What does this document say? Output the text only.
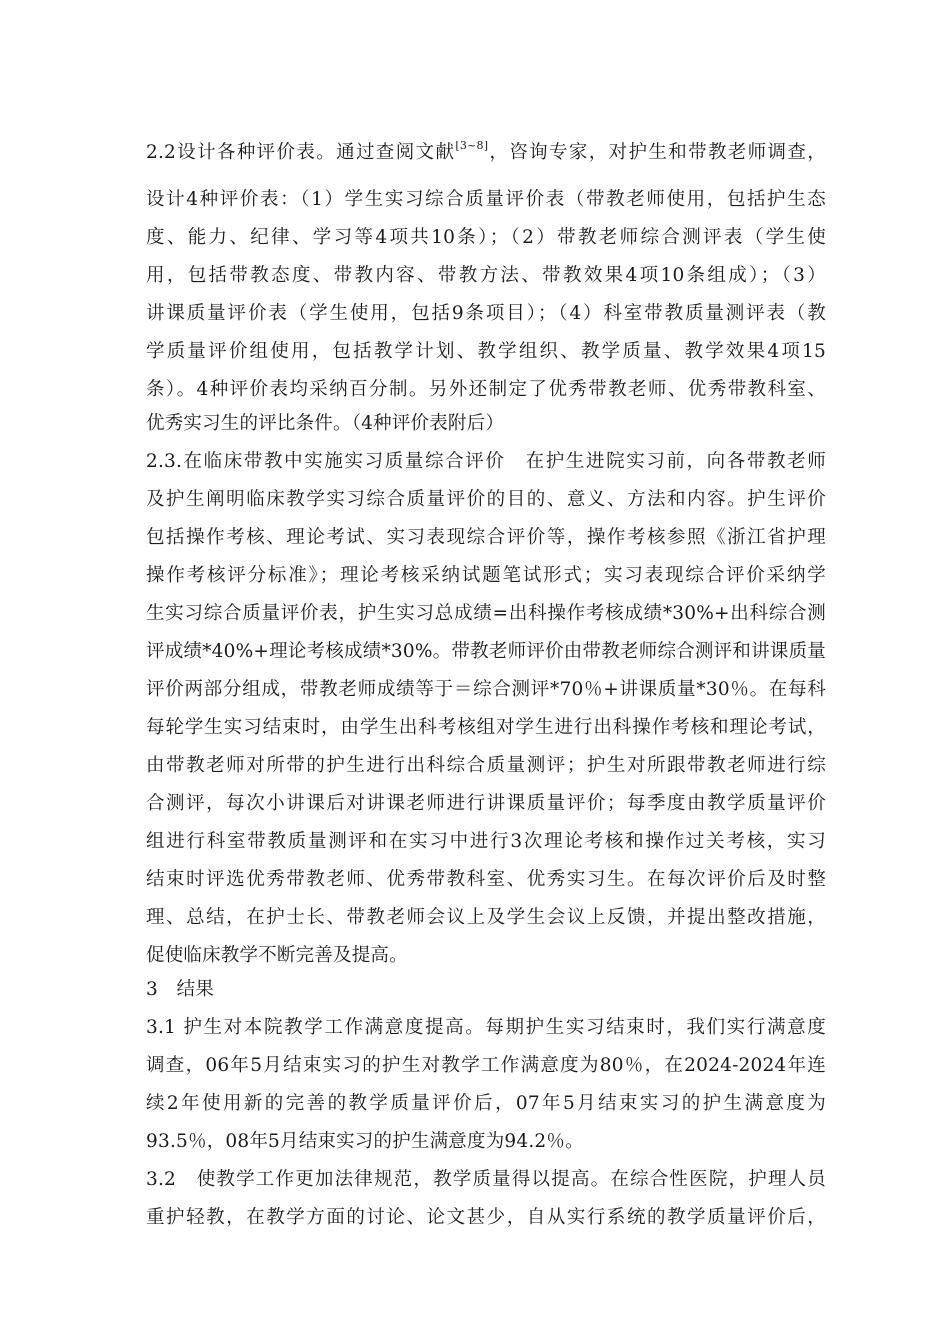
2.2设计各种评价表。通过查阅文献[3~8]，咨询专家，对护生和带教老师调查，
设计4种评价表：（1）学生实习综合质量评价表（带教老师使用，包括护生态
度、能力、纪律、学习等4项共10条）；（2）带教老师综合测评表（学生使
用，包括带教态度、带教内容、带教方法、带教效果4项10条组成）；（3）
讲课质量评价表（学生使用，包括9条项目）；（4）科室带教质量测评表（教
学质量评价组使用，包括教学计划、教学组织、教学质量、教学效果4项15
条）。4种评价表均采纳百分制。另外还制定了优秀带教老师、优秀带教科室、
优秀实习生的评比条件。（4种评价表附后）
2.3.在临床带教中实施实习质量综合评价　在护生进院实习前，向各带教老师
及护生阐明临床教学实习综合质量评价的目的、意义、方法和内容。护生评价
包括操作考核、理论考试、实习表现综合评价等，操作考核参照《浙江省护理
操作考核评分标准》；理论考核采纳试题笔试形式；实习表现综合评价采纳学
生实习综合质量评价表，护生实习总成绩=出科操作考核成绩*30%+出科综合测
评成绩*40%+理论考核成绩*30%。带教老师评价由带教老师综合测评和讲课质量
评价两部分组成，带教老师成绩等于＝综合测评*70％+讲课质量*30％。在每科
每轮学生实习结束时，由学生出科考核组对学生进行出科操作考核和理论考试，
由带教老师对所带的护生进行出科综合质量测评；护生对所跟带教老师进行综
合测评，每次小讲课后对讲课老师进行讲课质量评价；每季度由教学质量评价
组进行科室带教质量测评和在实习中进行3次理论考核和操作过关考核，实习
结束时评选优秀带教老师、优秀带教科室、优秀实习生。在每次评价后及时整
理、总结，在护士长、带教老师会议上及学生会议上反馈，并提出整改措施，
促使临床教学不断完善及提高。
3　结果
3.1 护生对本院教学工作满意度提高。每期护生实习结束时，我们实行满意度
调查，06年5月结束实习的护生对教学工作满意度为80％，在2024-2024年连
续2年使用新的完善的教学质量评价后，07年5月结束实习的护生满意度为
93.5％，08年5月结束实习的护生满意度为94.2％。
3.2　使教学工作更加法律规范，教学质量得以提高。在综合性医院，护理人员
重护轻教，在教学方面的讨论、论文甚少，自从实行系统的教学质量评价后，
